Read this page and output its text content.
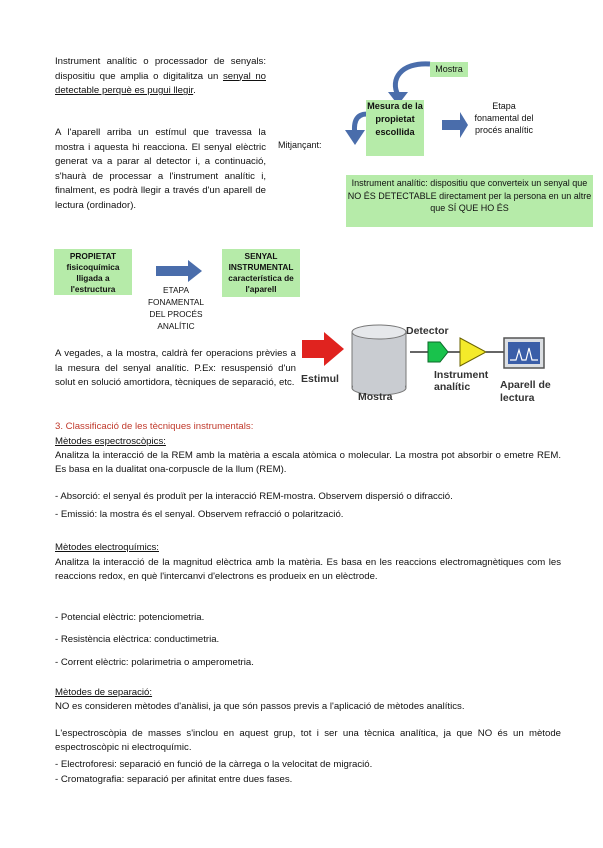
Instrument analític o processador de senyals: dispositiu que amplia o digitalitza un senyal no detectable perquè es pugui llegir.
A l'aparell arriba un estímul que travessa la mostra i aquesta hi reacciona. El senyal elèctric generat va a parar al detector i, a continuació, s'haurà de processar a l'instrument analític i, finalment, es podrà llegir a través d'un aparell de lectura (ordinador).
Mostra
Mesura de la propietat escollida
Mitjançant:
Etapa fonamental del procés analític
Instrument analític: dispositiu que converteix un senyal que NO ÉS DETECTABLE directament per la persona en un altre que SÍ QUE HO ÉS
PROPIETAT fisicoquímica lligada a l'estructura
SENYAL INSTRUMENTAL característica de l'aparell
ETAPA FONAMENTAL DEL PROCÉS ANALÍTIC	Detector
Estimul
Mostra
Instrument analític	Aparell de lectura
A vegades, a la mostra, caldrà fer operacions prèvies a la mesura del senyal analític. P.Ex: resuspensió d'un solut en solució amortidora, tècniques de separació, etc.
3. Classificació de les tècniques instrumentals:
Mètodes espectroscòpics:
Analitza la interacció de la REM amb la matèria a escala atòmica o molecular. La mostra pot absorbir o emetre REM. Es basa en la dualitat ona-corpuscle de la llum (REM).
- Absorció: el senyal és produït per la interacció REM-mostra. Observem dispersió o difracció.
- Emissió: la mostra és el senyal. Observem refracció o polarització.
Mètodes electroquímics:
Analitza la interacció de la magnitud elèctrica amb la matèria. Es basa en les reaccions electromagnètiques com les reaccions redox, en què l'intercanvi d'electrons es produeix en un elèctrode.
- Potencial elèctric: potenciometria.
- Resistència elèctrica: conductimetria.
- Corrent elèctric: polarimetria o amperometria.
Mètodes de separació:
NO es consideren mètodes d'anàlisi, ja que són passos previs a l'aplicació de mètodes analítics.
L'espectroscòpia de masses s'inclou en aquest grup, tot i ser una tècnica analítica, ja que NO és un mètode espectroscòpic ni electroquímic.
- Electroforesi: separació en funció de la càrrega o la velocitat de migració.
- Cromatografia: separació per afinitat entre dues fases.
